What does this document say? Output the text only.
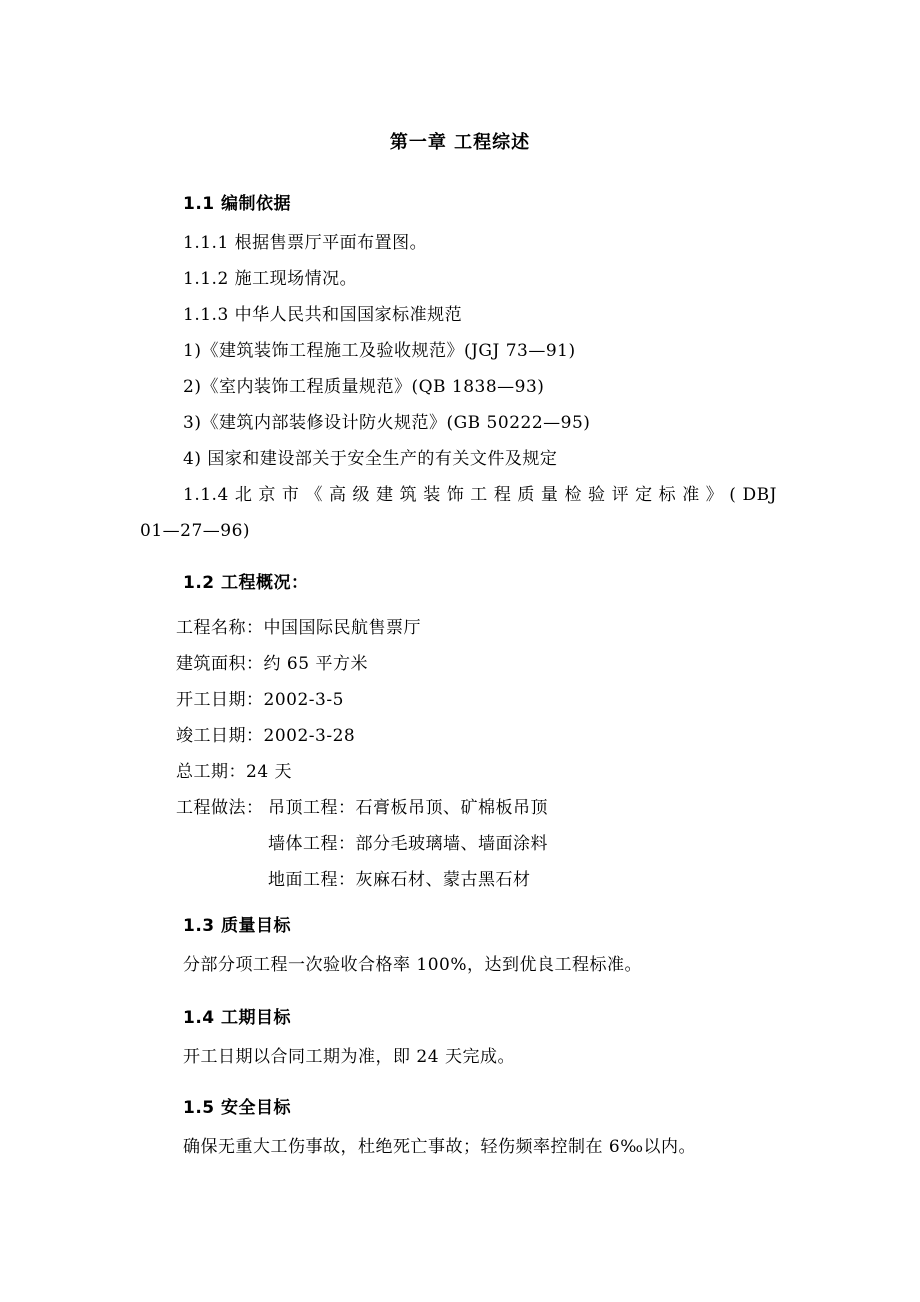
第一章 工程综述
1.1 编制依据
1.1.1 根据售票厅平面布置图。
1.1.2 施工现场情况。
1.1.3 中华人民共和国国家标准规范
1)《建筑装饰工程施工及验收规范》(JGJ 73—91)
2)《室内装饰工程质量规范》(QB 1838—93)
3)《建筑内部装修设计防火规范》(GB 50222—95)
4) 国家和建设部关于安全生产的有关文件及规定
1.1.4 北 京 市 《 高 级 建 筑 装 饰 工 程 质 量 检 验 评 定 标 准 》 ( DBJ
01—27—96)
1.2 工程概况：
工程名称：中国国际民航售票厅
建筑面积：约 65 平方米
开工日期：2002-3-5
竣工日期：2002-3-28
总工期：24 天
工程做法： 吊顶工程：石膏板吊顶、矿棉板吊顶
墙体工程：部分毛玻璃墙、墙面涂料
地面工程：灰麻石材、蒙古黑石材
1.3 质量目标
分部分项工程一次验收合格率 100%，达到优良工程标准。
1.4 工期目标
开工日期以合同工期为准，即 24 天完成。
1.5 安全目标
确保无重大工伤事故，杜绝死亡事故；轻伤频率控制在 6‰以内。
